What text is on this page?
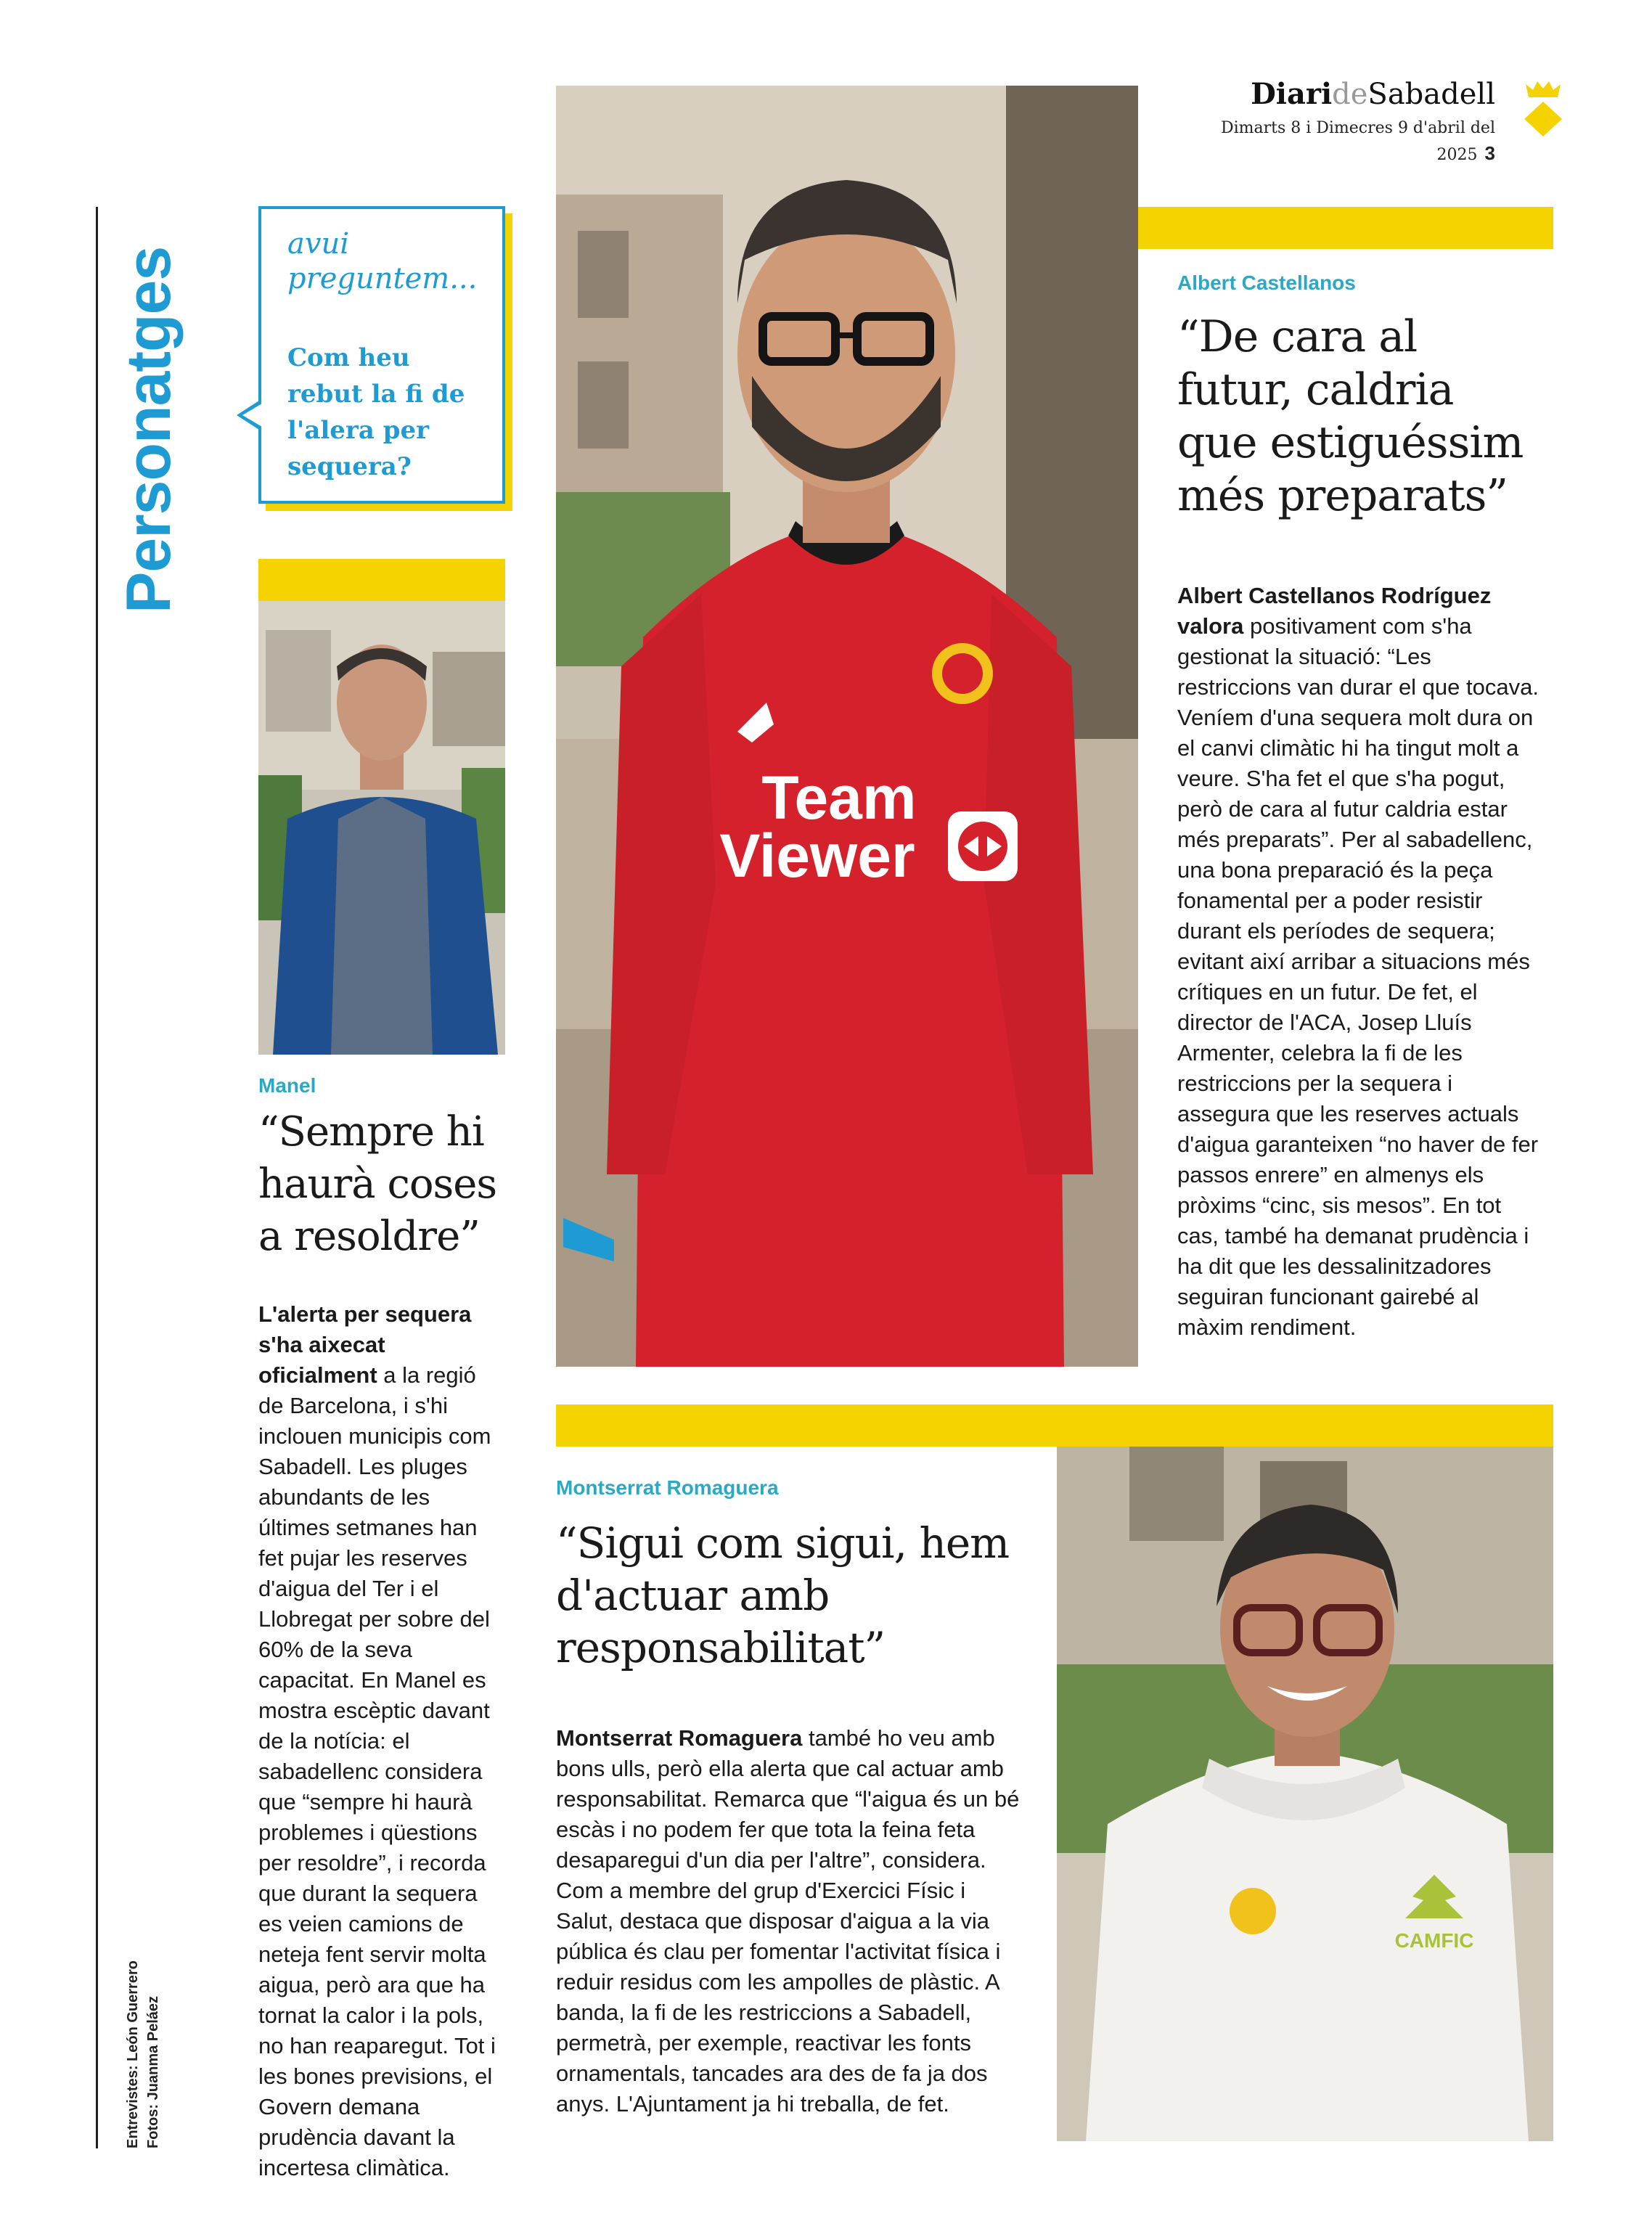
DiarideSabadell
Dimarts 8 i Dimecres 9 d'abril del 2025 3
Personatges
Entrevistes: León Guerrero Fotos: Juanma Peláez
avui
preguntem...
Com heu rebut la fi de l'alera per sequera?
Manel
“Sempre hi haurà coses a resoldre”
L'alerta per sequera s'ha aixecat oficialment a la regió de Barcelona, i s'hi inclouen municipis com Sabadell. Les pluges abundants de les últimes setmanes han fet pujar les reserves d'aigua del Ter i el Llobregat per sobre del 60% de la seva capacitat. En Manel es mostra escèptic davant de la notícia: el sabadellenc considera que “sempre hi haurà problemes i qüestions per resoldre”, i recorda que durant la sequera es veien camions de neteja fent servir molta aigua, però ara que ha tornat la calor i la pols, no han reaparegut. Tot i les bones previsions, el Govern demana prudència davant la incertesa climàtica.
Team
Viewer
Albert Castellanos
“De cara al futur, caldria que estiguéssim més preparats”
Albert Castellanos Rodríguez valora positivament com s'ha gestionat la situació: “Les restriccions van durar el que tocava. Veníem d'una sequera molt dura on el canvi climàtic hi ha tingut molt a veure. S'ha fet el que s'ha pogut, però de cara al futur caldria estar més preparats”. Per al sabadellenc, una bona preparació és la peça fonamental per a poder resistir durant els períodes de sequera; evitant així arribar a situacions més crítiques en un futur. De fet, el director de l'ACA, Josep Lluís Armenter, celebra la fi de les restriccions per la sequera i assegura que les reserves actuals d'aigua garanteixen “no haver de fer passos enrere” en almenys els pròxims “cinc, sis mesos”. En tot cas, també ha demanat prudència i ha dit que les dessalinitzadores seguiran funcionant gairebé al màxim rendiment.
Montserrat Romaguera
“Sigui com sigui, hem d'actuar amb responsabilitat”
Montserrat Romaguera també ho veu amb bons ulls, però ella alerta que cal actuar amb responsabilitat. Remarca que “l'aigua és un bé escàs i no podem fer que tota la feina feta desaparegui d'un dia per l'altre”, considera. Com a membre del grup d'Exercici Físic i Salut, destaca que disposar d'aigua a la via pública és clau per fomentar l'activitat física i reduir residus com les ampolles de plàstic. A banda, la fi de les restriccions a Sabadell, permetrà, per exemple, reactivar les fonts ornamentals, tancades ara des de fa ja dos anys. L'Ajuntament ja hi treballa, de fet.
CAMFIC
